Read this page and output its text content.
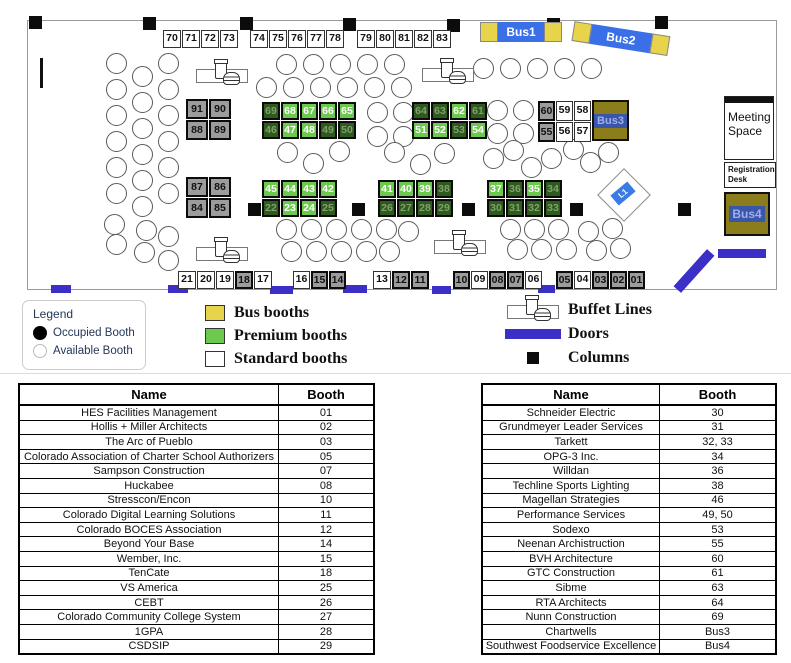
70 71 72 73	74 75 76 77 78	79 80 81 82 83
91 90
88 89
69 68 67 66 65
46 47 48 49 50
64 63 62 61
51 52 53 54
60 59 58
55 56 57
87 86
84 85
45 44 43 42
22 23 24 25
41 40 39 38
26 27 28 29
37 36 35 34
30 31 32 33
21 20 19 18 17	16 15 14	13 12 11	10 09 08 07 06	05 04 03 02 01
Bus1	Bus2
Bus3
Bus4
L1
Meeting Space
Registration Desk
Legend
Occupied Booth
Available Booth
Bus booths
Premium booths
Standard booths
Buffet Lines
Doors
Columns
Name	Booth
HES Facilities Management	01
Hollis + Miller Architects	02
The Arc of Pueblo	03
Colorado Association of Charter School Authorizers	05
Sampson Construction	07
Huckabee	08
Stresscon/Encon	10
Colorado Digital Learning Solutions	11
Colorado BOCES Association	12
Beyond Your Base	14
Wember, Inc.	15
TenCate	18
VS America	25
CEBT	26
Colorado Community College System	27
1GPA	28
CSDSIP	29
Name	Booth
Schneider Electric	30
Grundmeyer Leader Services	31
Tarkett	32, 33
OPG-3 Inc.	34
Willdan	36
Techline Sports Lighting	38
Magellan Strategies	46
Performance Services	49, 50
Sodexo	53
Neenan Archistruction	55
BVH Architecture	60
GTC Construction	61
Sibme	63
RTA Architects	64
Nunn Construction	69
Chartwells	Bus3
Southwest Foodservice Excellence	Bus4
